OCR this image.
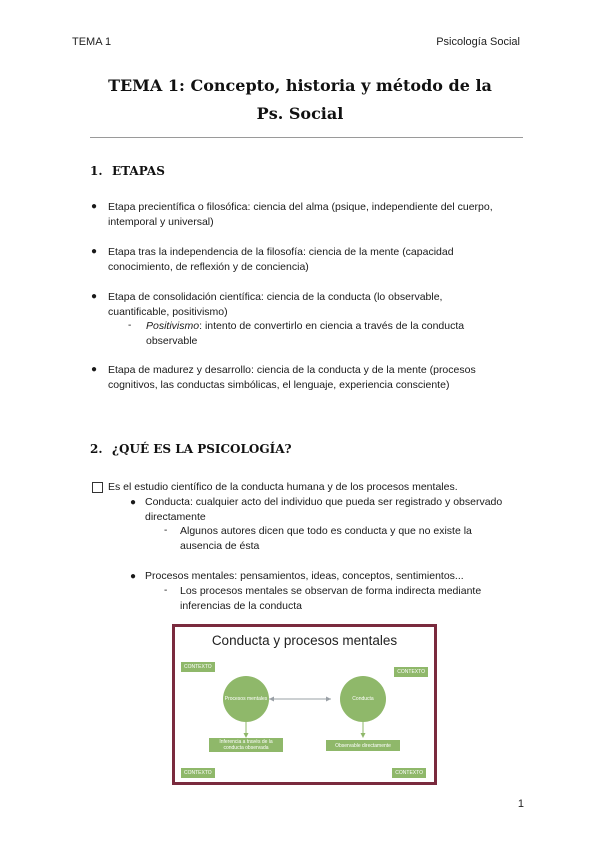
TEMA 1	Psicología Social
TEMA 1: Concepto, historia y método de la
Ps. Social
1. ETAPAS
● Etapa precientífica o filosófica: ciencia del alma (psique, independiente del cuerpo,
intemporal y universal)
● Etapa tras la independencia de la filosofía: ciencia de la mente (capacidad
conocimiento, de reflexión y de conciencia)
● Etapa de consolidación científica: ciencia de la conducta (lo observable,
cuantificable, positivismo)
- Positivismo: intento de convertirlo en ciencia a través de la conducta
observable
● Etapa de madurez y desarrollo: ciencia de la conducta y de la mente (procesos
cognitivos, las conductas simbólicas, el lenguaje, experiencia consciente)
2. ¿QUÉ ES LA PSICOLOGÍA?
Es el estudio científico de la conducta humana y de los procesos mentales.
● Conducta: cualquier acto del individuo que pueda ser registrado y observado
directamente
- Algunos autores dicen que todo es conducta y que no existe la
ausencia de ésta
● Procesos mentales: pensamientos, ideas, conceptos, sentimientos...
- Los procesos mentales se observan de forma indirecta mediante
inferencias de la conducta
Conducta y procesos mentales
CONTEXTO
CONTEXTO
CONTEXTO	CONTEXTO
Procesos mentales	Conducta
Inferencia a través de la conducta observada	Observable directamente
1
